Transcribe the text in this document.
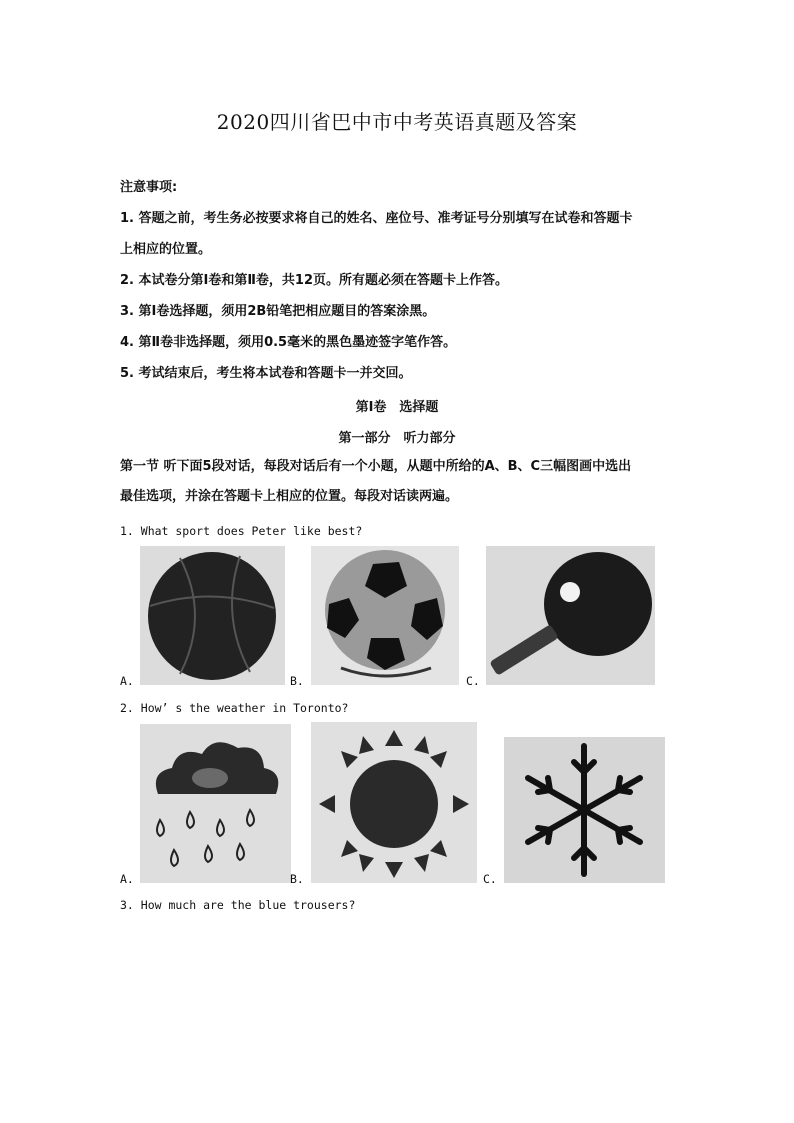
2020四川省巴中市中考英语真题及答案
注意事项:
1. 答题之前，考生务必按要求将自己的姓名、座位号、准考证号分别填写在试卷和答题卡
上相应的位置。
2. 本试卷分第Ⅰ卷和第Ⅱ卷，共12页。所有题必须在答题卡上作答。
3. 第Ⅰ卷选择题，须用2B铅笔把相应题目的答案涂黑。
4. 第Ⅱ卷非选择题，须用0.5毫米的黑色墨迹签字笔作答。
5. 考试结束后，考生将本试卷和答题卡一并交回。
第Ⅰ卷　选择题
第一部分　听力部分
第一节 听下面5段对话，每段对话后有一个小题，从题中所给的A、B、C三幅图画中选出
最佳选项，并涂在答题卡上相应的位置。每段对话读两遍。
1. What sport does Peter like best?
A.	B.	C.
2. How’ s the weather in Toronto?
A.	B.	C.
3. How much are the blue trousers?
